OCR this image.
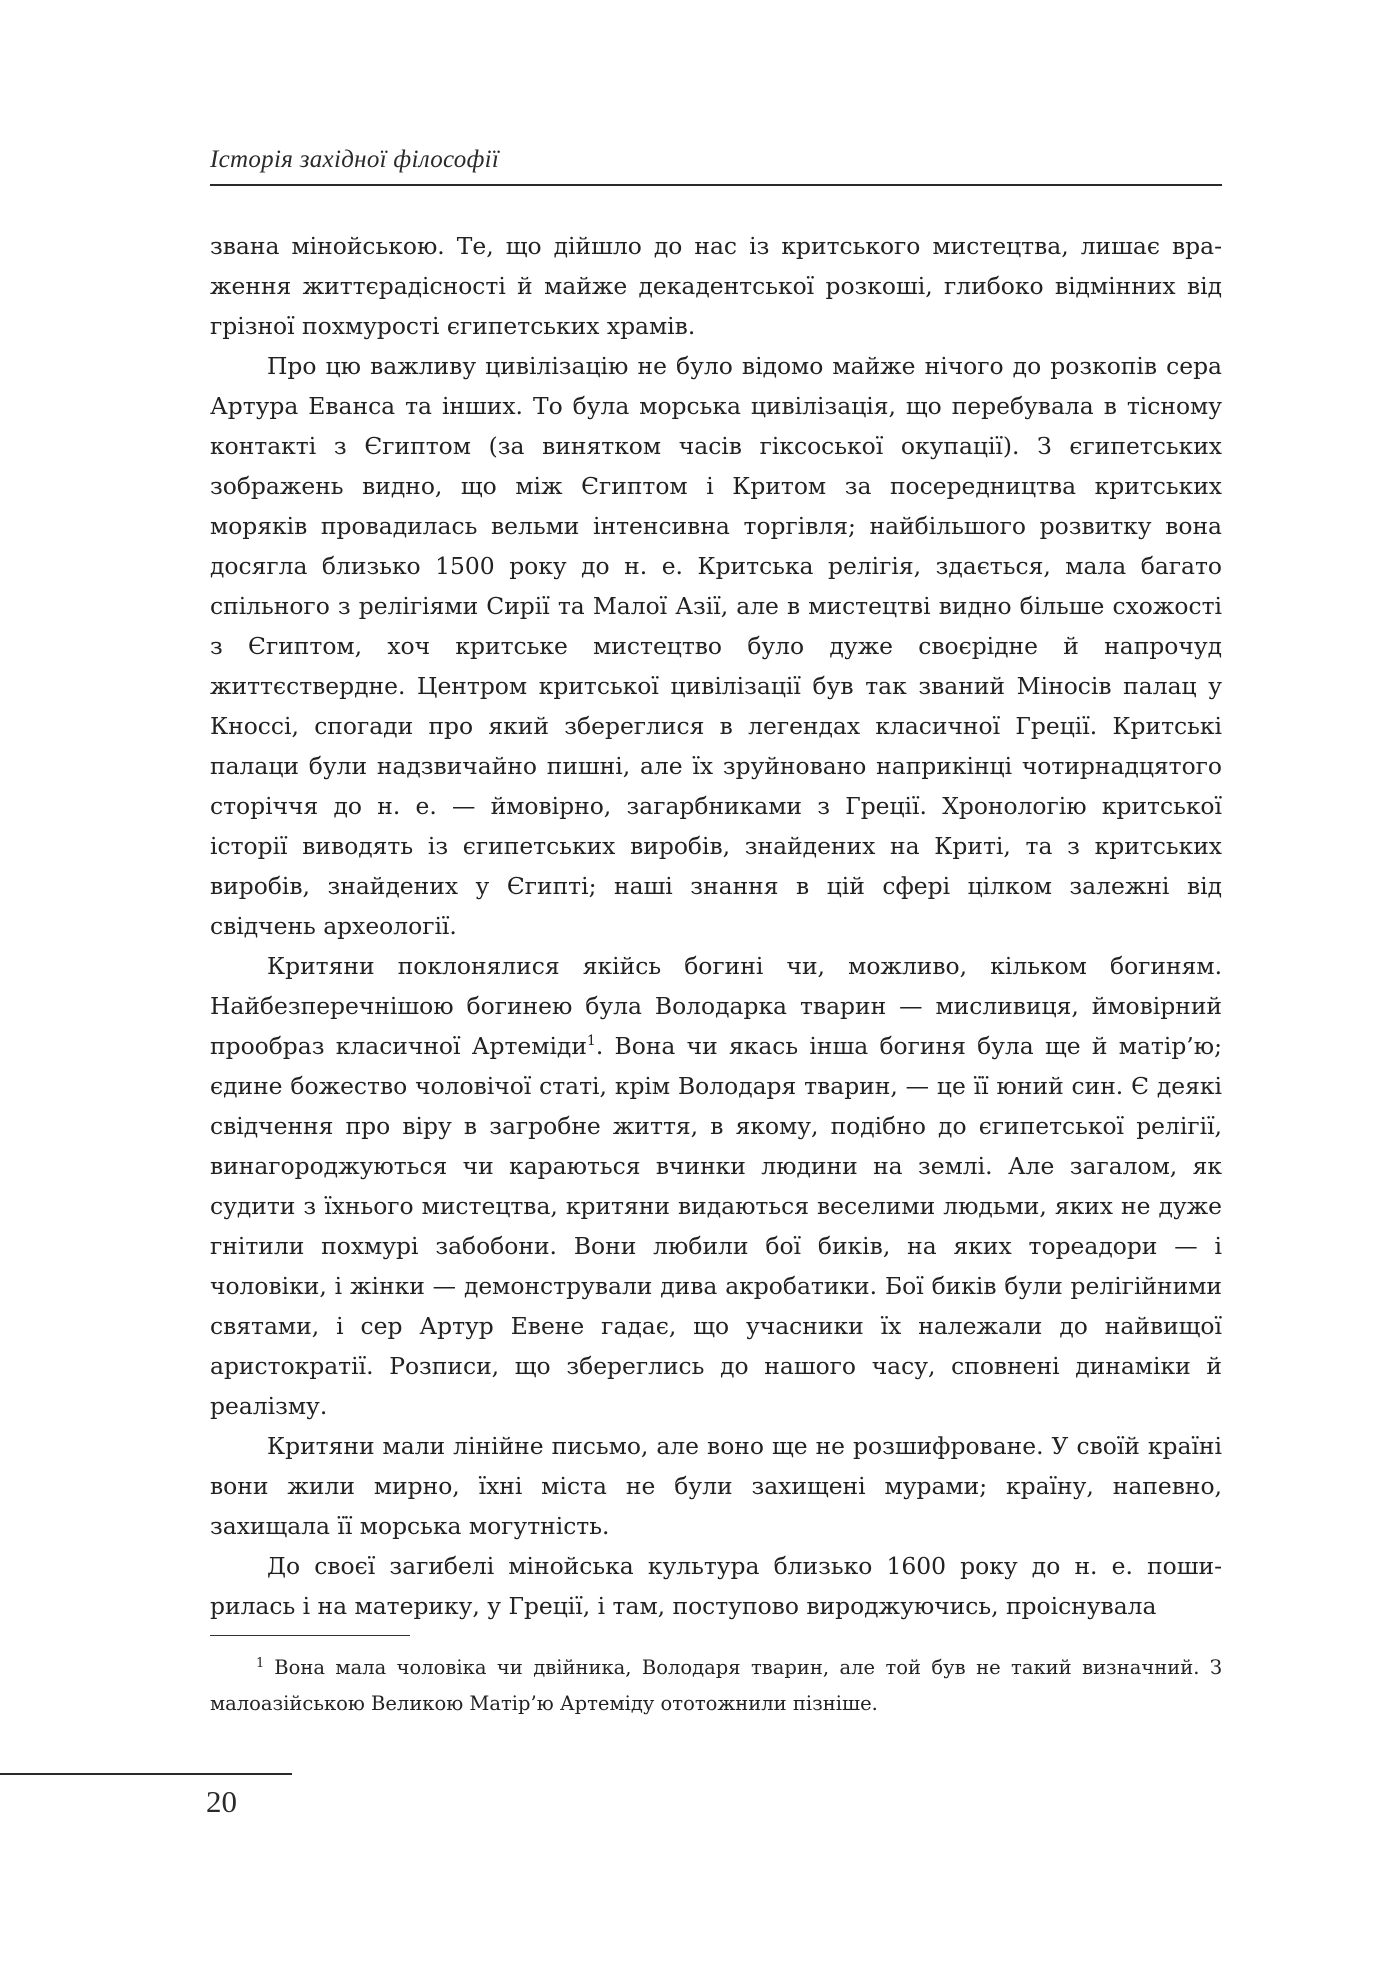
Історія західної філософії

звана мінойською. Те, що дійшло до нас із критського мистецтва, лишає враження життєрадісності й майже декадентської розкоші, глибоко відмінних від грізної похмурості єгипетських храмів.

Про цю важливу цивілізацію не було відомо майже нічого до розкопів сера Артура Еванса та інших. То була морська цивілізація, що перебувала в тісному контакті з Єгиптом (за винятком часів гіксоської окупації). З єгипетських зображень видно, що між Єгиптом і Критом за посередництва критських моряків провадилась вельми інтенсивна торгівля; найбільшого розвитку вона досягла близько 1500 року до н. е. Критська релігія, здається, мала багато спільного з релігіями Сирії та Малої Азії, але в мистецтві видно більше схожості з Єгиптом, хоч критське мистецтво було дуже своєрідне й напрочуд життєствердне. Центром критської цивілізації був так званий Міносів палац у Кноссі, спогади про який збереглися в легендах класичної Греції. Критські палаци були надзвичайно пишні, але їх зруйновано наприкінці чотирнадцятого сторіччя до н. е. — ймовірно, загарбниками з Греції. Хронологію критської історії виводять із єгипетських виробів, знайдених на Криті, та з критських виробів, знайдених у Єгипті; наші знання в цій сфері цілком залежні від свідчень археології.

Критяни поклонялися якійсь богині чи, можливо, кільком богиням. Найбезперечнішою богинею була Володарка тварин — мисливиця, ймовірний прообраз класичної Артеміди$^1$. Вона чи якась інша богиня була ще й матір’ю; єдине божество чоловічої статі, крім Володаря тварин, — це її юний син. Є деякі свідчення про віру в загробне життя, в якому, подібно до єгипетської релігії, винагороджуються чи караються вчинки людини на землі. Але загалом, як судити з їхнього мистецтва, критяни видаються веселими людьми, яких не дуже гнітили похмурі забобони. Вони любили бої биків, на яких тореадори — і чоловіки, і жінки — демонстрували дива акробатики. Бої биків були релігійними святами, і сер Артур Евене гадає, що учасники їх належали до найвищої аристократії. Розписи, що збереглись до нашого часу, сповнені динаміки й реалізму.

Критяни мали лінійне письмо, але воно ще не розшифроване. У своїй країні вони жили мирно, їхні міста не були захищені мурами; країну, напевно, захищала її морська могутність.

До своєї загибелі мінойська культура близько 1600 року до н. е. поширилась і на материку, у Греції, і там, поступово вироджуючись, проіснувала

$^1$ Вона мала чоловіка чи двійника, Володаря тварин, але той був не такий визначний. З малоазійською Великою Матір’ю Артеміду ототожнили пізніше.

20
